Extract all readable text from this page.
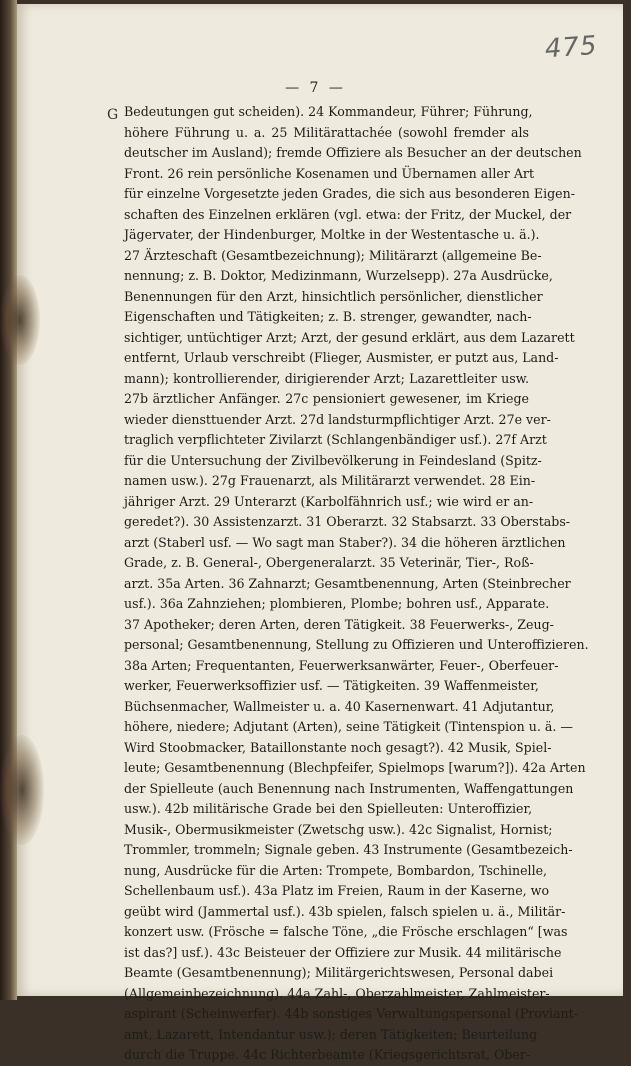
475
— 7 —
G Bedeutungen gut scheiden). 24 Kommandeur, Führer; Führung,
höhere Führung u. a. 25 Militärattachée (sowohl fremder als
deutscher im Ausland); fremde Offiziere als Besucher an der deutschen
Front. 26 rein persönliche Kosenamen und Übernamen aller Art
für einzelne Vorgesetzte jeden Grades, die sich aus besonderen Eigen-
schaften des Einzelnen erklären (vgl. etwa: der Fritz, der Muckel, der
Jägervater, der Hindenburger, Moltke in der Westentasche u. ä.).
27 Ärzteschaft (Gesamtbezeichnung); Militärarzt (allgemeine Be-
nennung; z. B. Doktor, Medizinmann, Wurzelsepp). 27a Ausdrücke,
Benennungen für den Arzt, hinsichtlich persönlicher, dienstlicher
Eigenschaften und Tätigkeiten; z. B. strenger, gewandter, nach-
sichtiger, untüchtiger Arzt; Arzt, der gesund erklärt, aus dem Lazarett
entfernt, Urlaub verschreibt (Flieger, Ausmister, er putzt aus, Land-
mann); kontrollierender, dirigierender Arzt; Lazarettleiter usw.
27b ärztlicher Anfänger. 27c pensioniert gewesener, im Kriege
wieder diensttuender Arzt. 27d landsturmpflichtiger Arzt. 27e ver-
traglich verpflichteter Zivilarzt (Schlangenbändiger usf.). 27f Arzt
für die Untersuchung der Zivilbevölkerung in Feindesland (Spitz-
namen usw.). 27g Frauenarzt, als Militärarzt verwendet. 28 Ein-
jähriger Arzt. 29 Unterarzt (Karbolfähnrich usf.; wie wird er an-
geredet?). 30 Assistenzarzt. 31 Oberarzt. 32 Stabsarzt. 33 Oberstabs-
arzt (Staberl usf. — Wo sagt man Staber?). 34 die höheren ärztlichen
Grade, z. B. General-, Obergeneralarzt. 35 Veterinär, Tier-, Roß-
arzt. 35a Arten. 36 Zahnarzt; Gesamtbenennung, Arten (Steinbrecher
usf.). 36a Zahnziehen; plombieren, Plombe; bohren usf., Apparate.
37 Apotheker; deren Arten, deren Tätigkeit. 38 Feuerwerks-, Zeug-
personal; Gesamtbenennung, Stellung zu Offizieren und Unteroffizieren.
38a Arten; Frequentanten, Feuerwerksanwärter, Feuer-, Oberfeuer-
werker, Feuerwerksoffizier usf. — Tätigkeiten. 39 Waffenmeister,
Büchsenmacher, Wallmeister u. a. 40 Kasernenwart. 41 Adjutantur,
höhere, niedere; Adjutant (Arten), seine Tätigkeit (Tintenspion u. ä. —
Wird Stoobmacker, Bataillonstante noch gesagt?). 42 Musik, Spiel-
leute; Gesamtbenennung (Blechpfeifer, Spielmops [warum?]). 42a Arten
der Spielleute (auch Benennung nach Instrumenten, Waffengattungen
usw.). 42b militärische Grade bei den Spielleuten: Unteroffizier,
Musik-, Obermusikmeister (Zwetschg usw.). 42c Signalist, Hornist;
Trommler, trommeln; Signale geben. 43 Instrumente (Gesamtbezeich-
nung, Ausdrücke für die Arten: Trompete, Bombardon, Tschinelle,
Schellenbaum usf.). 43a Platz im Freien, Raum in der Kaserne, wo
geübt wird (Jammertal usf.). 43b spielen, falsch spielen u. ä., Militär-
konzert usw. (Frösche = falsche Töne, „die Frösche erschlagen“ [was
ist das?] usf.). 43c Beisteuer der Offiziere zur Musik. 44 militärische
Beamte (Gesamtbenennung); Militärgerichtswesen, Personal dabei
(Allgemeinbezeichnung). 44a Zahl-, Oberzahlmeister, Zahlmeister-
aspirant (Scheinwerfer). 44b sonstiges Verwaltungspersonal (Proviant-
amt, Lazarett, Intendantur usw.); deren Tätigkeiten; Beurteilung
durch die Truppe. 44c Richterbeamte (Kriegsgerichtsrat, Ober-
